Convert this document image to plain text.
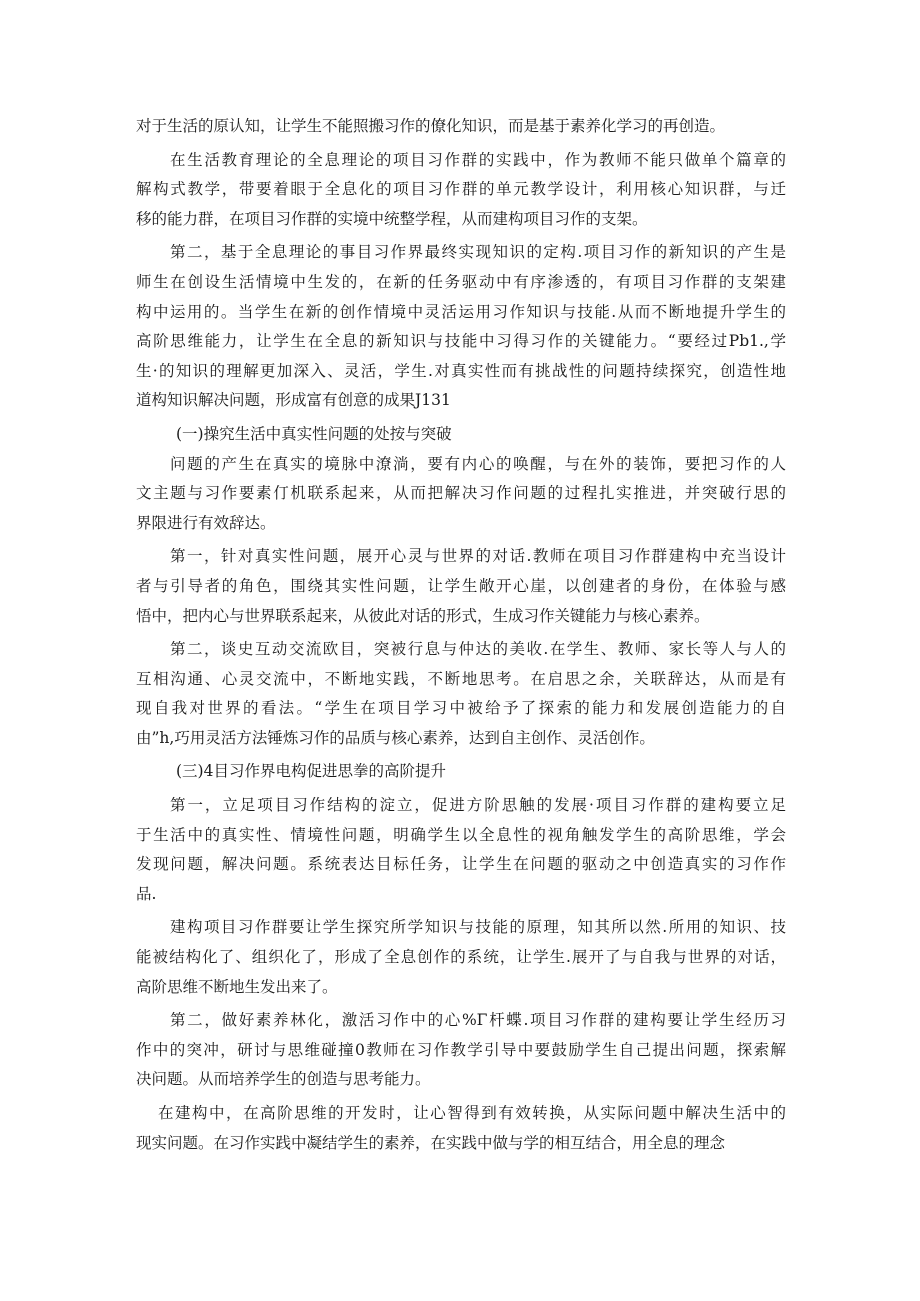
对于生活的原认知，让学生不能照搬习作的僚化知识，而是基于素养化学习的再创造。
在生活教育理论的全息理论的项目习作群的实践中，作为教师不能只做单个篇章的
解构式教学，带要着眼于全息化的项目习作群的单元教学设计，利用核心知识群，与迁
移的能力群，在项目习作群的实境中统整学程，从而建构项目习作的支架。
第二，基于全息理论的事目习作界最终实现知识的定构.项目习作的新知识的产生是
师生在创设生活情境中生发的，在新的任务驱动中有序渗透的，有项目习作群的支架建
构中运用的。当学生在新的创作情境中灵活运用习作知识与技能.从而不断地提升学生的
高阶思维能力，让学生在全息的新知识与技能中习得习作的关键能力。“要经过Pb1.,学
生·的知识的理解更加深入、灵活，学生.对真实性而有挑战性的问题持续探究，创造性地
道构知识解决问题，形成富有创意的成果J131
(一)操究生活中真实性问题的处按与突破
问题的产生在真实的境脉中潦淌，要有内心的唤醒，与在外的装饰，要把习作的人
文主题与习作要素仃机联系起来，从而把解决习作问题的过程扎实推进，并突破行思的
界限进行有效辞达。
第一，针对真实性问题，展开心灵与世界的对话.教师在项目习作群建构中充当设计
者与引导者的角色，围绕其实性问题，让学生敞开心崖，以创建者的身份，在体验与感
悟中，把内心与世界联系起来，从彼此对话的形式，生成习作关键能力与核心素养。
第二，谈史互动交流欧目，突被行息与仲达的美收.在学生、教师、家长等人与人的
互相沟通、心灵交流中，不断地实践，不断地思考。在启思之余，关联辞达，从而是有
现自我对世界的看法。“学生在项目学习中被给予了探索的能力和发展创造能力的自
由”h,巧用灵活方法锤炼习作的品质与核心素养，达到自主创作、灵活创作。
(三)4目习作界电构促进思拳的高阶提升
第一，立足项目习作结构的淀立，促进方阶思触的发展·项目习作群的建构要立足
于生活中的真实性、情境性问题，明确学生以全息性的视角触发学生的高阶思维，学会
发现问题，解决问题。系统表达目标任务，让学生在问题的驱动之中创造真实的习作作
品.
建构项目习作群要让学生探究所学知识与技能的原理，知其所以然.所用的知识、技
能被结构化了、组织化了，形成了全息创作的系统，让学生.展开了与自我与世界的对话，
高阶思维不断地生发出来了。
第二，做好素养林化，激活习作中的心%Γ杆蝶.项目习作群的建构要让学生经历习
作中的突冲，研讨与思维碰撞0教师在习作教学引导中要鼓励学生自己提出问题，探索解
决问题。从而培养学生的创造与思考能力。
在建构中，在高阶思维的开发时，让心智得到有效转换，从实际问题中解决生活中的
现实问题。在习作实践中凝结学生的素养，在实践中做与学的相互结合，用全息的理念
